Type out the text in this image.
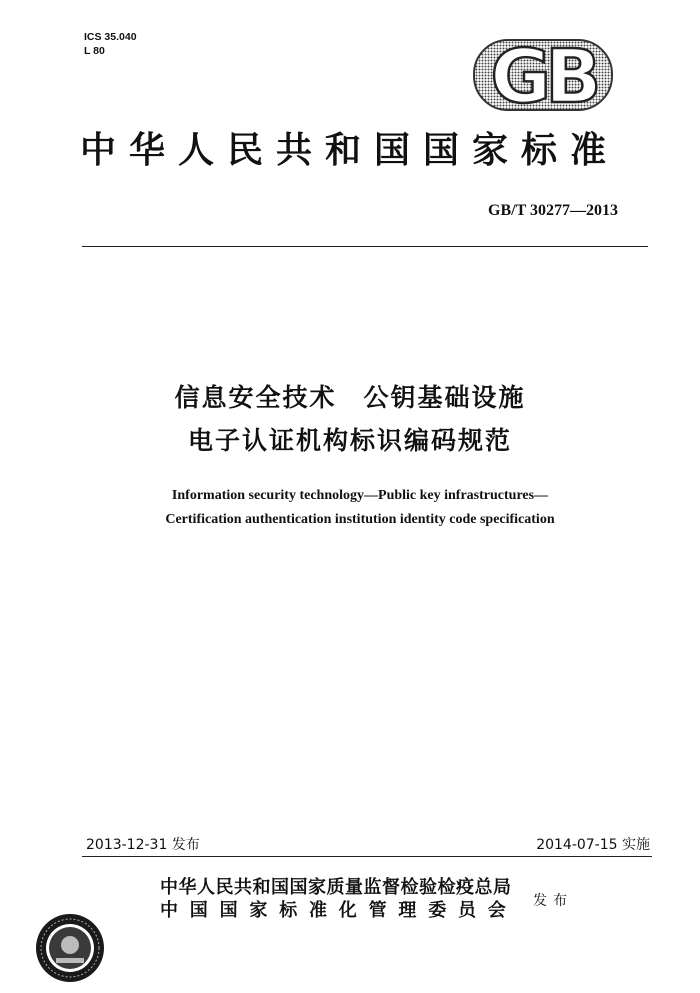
ICS 35.040
L 80	GB
中华人民共和国国家标准
GB/T 30277—2013
信息安全技术　公钥基础设施
电子认证机构标识编码规范
Information security technology—Public key infrastructures—
Certification authentication institution identity code specification
2013-12-31 发布	2014-07-15 实施
中华人民共和国国家质量监督检验检疫总局
中国国家标准化管理委员会 发布
